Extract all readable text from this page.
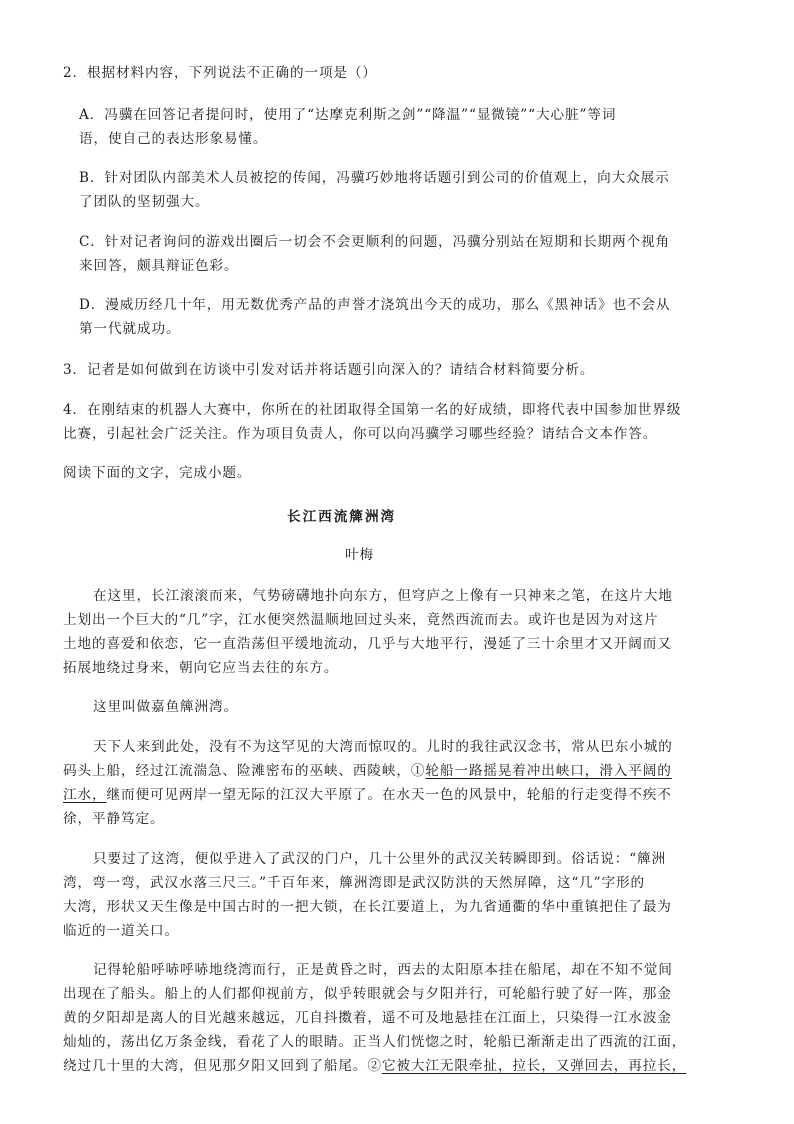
2．根据材料内容，下列说法不正确的一项是（）
A．冯骥在回答记者提问时，使用了“达摩克利斯之剑”“降温”“显微镜”“大心脏”等词
语，使自己的表达形象易懂。
B．针对团队内部美术人员被挖的传闻，冯骥巧妙地将话题引到公司的价值观上，向大众展示
了团队的坚韧强大。
C．针对记者询问的游戏出圈后一切会不会更顺利的问题，冯骥分别站在短期和长期两个视角
来回答，颇具辩证色彩。
D．漫威历经几十年，用无数优秀产品的声誉才浇筑出今天的成功，那么《黑神话》也不会从
第一代就成功。
3．记者是如何做到在访谈中引发对话并将话题引向深入的？请结合材料简要分析。
4．在刚结束的机器人大赛中，你所在的社团取得全国第一名的好成绩，即将代表中国参加世界级
比赛，引起社会广泛关注。作为项目负责人，你可以向冯骥学习哪些经验？请结合文本作答。
阅读下面的文字，完成小题。
长江西流簰洲湾
叶梅
在这里，长江滚滚而来，气势磅礴地扑向东方，但穹庐之上像有一只神来之笔，在这片大地
上划出一个巨大的“几”字，江水便突然温顺地回过头来，竟然西流而去。或许也是因为对这片
土地的喜爱和依恋，它一直浩荡但平缓地流动，几乎与大地平行，漫延了三十余里才又开阔而又
拓展地绕过身来，朝向它应当去往的东方。
这里叫做嘉鱼簰洲湾。
天下人来到此处，没有不为这罕见的大湾而惊叹的。儿时的我往武汉念书，常从巴东小城的
码头上船，经过江流湍急、险滩密布的巫峡、西陵峡，①轮船一路摇晃着冲出峡口，滑入平阔的
江水，继而便可见两岸一望无际的江汉大平原了。在水天一色的风景中，轮船的行走变得不疾不
徐，平静笃定。
只要过了这湾，便似乎进入了武汉的门户，几十公里外的武汉关转瞬即到。俗话说：“簰洲
湾，弯一弯，武汉水落三尺三。”千百年来，簰洲湾即是武汉防洪的天然屏障，这“几”字形的
大湾，形状又天生像是中国古时的一把大锁，在长江要道上，为九省通衢的华中重镇把住了最为
临近的一道关口。
记得轮船呼哧呼哧地绕湾而行，正是黄昏之时，西去的太阳原本挂在船尾，却在不知不觉间
出现在了船头。船上的人们都仰视前方，似乎转眼就会与夕阳并行，可轮船行驶了好一阵，那金
黄的夕阳却是离人的目光越来越远，兀自抖擞着，遥不可及地悬挂在江面上，只染得一江水波金
灿灿的，荡出亿万条金线，看花了人的眼睛。正当人们恍惚之时，轮船已渐渐走出了西流的江面，
绕过几十里的大湾，但见那夕阳又回到了船尾。②它被大江无限牵扯，拉长，又弹回去，再拉长，
